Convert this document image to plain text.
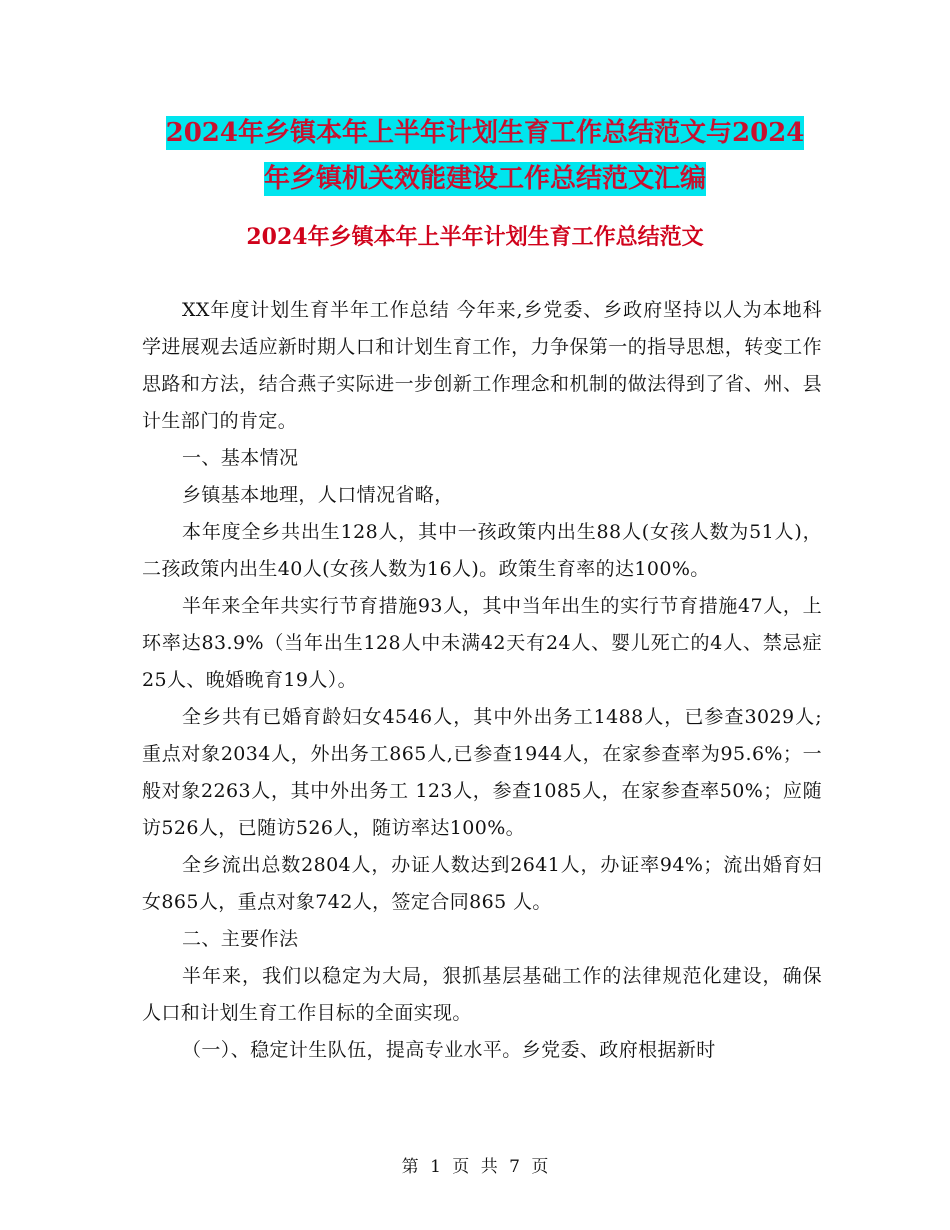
2024年乡镇本年上半年计划生育工作总结范文与2024
年乡镇机关效能建设工作总结范文汇编
2024年乡镇本年上半年计划生育工作总结范文

XX年度计划生育半年工作总结 今年来,乡党委、乡政府坚持以人为本地科学进展观去适应新时期人口和计划生育工作，力争保第一的指导思想，转变工作思路和方法，结合燕子实际进一步创新工作理念和机制的做法得到了省、州、县计生部门的肯定。

一、基本情况

乡镇基本地理，人口情况省略，

本年度全乡共出生128人，其中一孩政策内出生88人(女孩人数为51人)，二孩政策内出生40人(女孩人数为16人)。政策生育率的达100%。

半年来全年共实行节育措施93人，其中当年出生的实行节育措施47人，上环率达83.9%（当年出生128人中未满42天有24人、婴儿死亡的4人、禁忌症25人、晚婚晚育19人）。

全乡共有已婚育龄妇女4546人，其中外出务工1488人，已参查3029人;重点对象2034人，外出务工865人,已参查1944人，在家参查率为95.6%；一般对象2263人，其中外出务工 123人，参查1085人，在家参查率50%；应随访526人，已随访526人，随访率达100%。

全乡流出总数2804人，办证人数达到2641人，办证率94%；流出婚育妇女865人，重点对象742人，签定合同865 人。

二、主要作法

半年来，我们以稳定为大局，狠抓基层基础工作的法律规范化建设，确保人口和计划生育工作目标的全面实现。

（一）、稳定计生队伍，提高专业水平。乡党委、政府根据新时

第 1 页 共 7 页
